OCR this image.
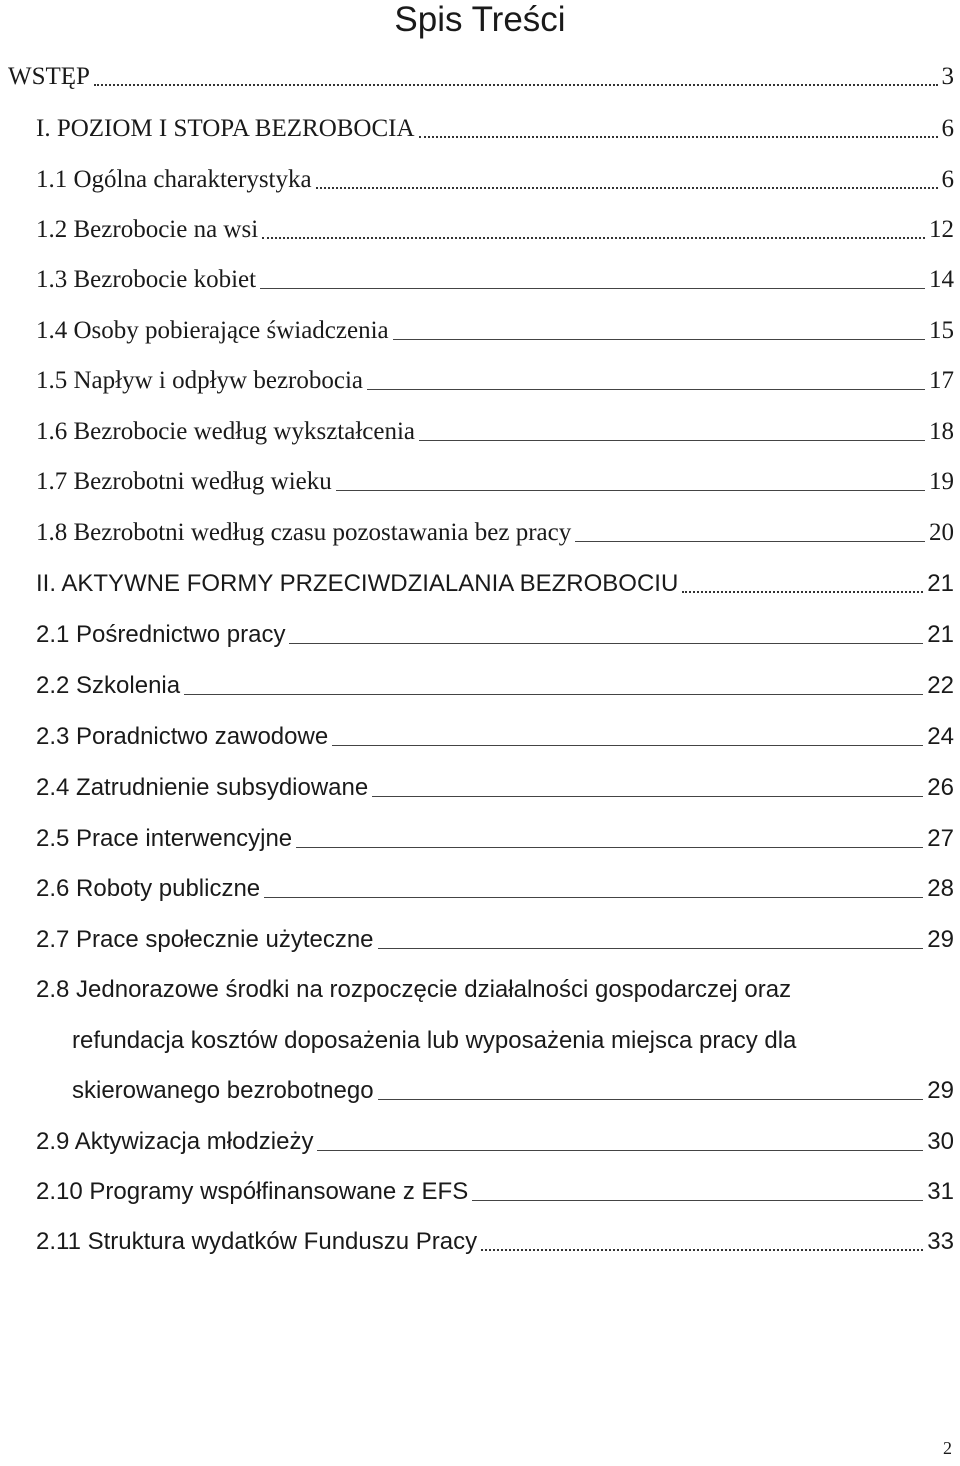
Spis Treści
WSTĘP	3
I. POZIOM I STOPA BEZROBOCIA	6
1.1 Ogólna charakterystyka	6
1.2 Bezrobocie na wsi	12
1.3 Bezrobocie kobiet	14
1.4 Osoby pobierające świadczenia	15
1.5 Napływ i odpływ bezrobocia	17
1.6 Bezrobocie według wykształcenia	18
1.7 Bezrobotni według wieku	19
1.8 Bezrobotni według czasu pozostawania bez pracy	20
II. AKTYWNE FORMY PRZECIWDZIALANIA BEZROBOCIU	21
2.1 Pośrednictwo pracy	21
2.2 Szkolenia	22
2.3 Poradnictwo zawodowe	24
2.4 Zatrudnienie subsydiowane	26
2.5 Prace interwencyjne	27
2.6 Roboty publiczne	28
2.7 Prace społecznie użyteczne	29
2.8 Jednorazowe środki na rozpoczęcie działalności gospodarczej oraz
refundacja kosztów doposażenia lub wyposażenia miejsca pracy dla
skierowanego bezrobotnego	29
2.9 Aktywizacja młodzieży	30
2.10 Programy współfinansowane z EFS	31
2.11 Struktura wydatków Funduszu Pracy	33
2
